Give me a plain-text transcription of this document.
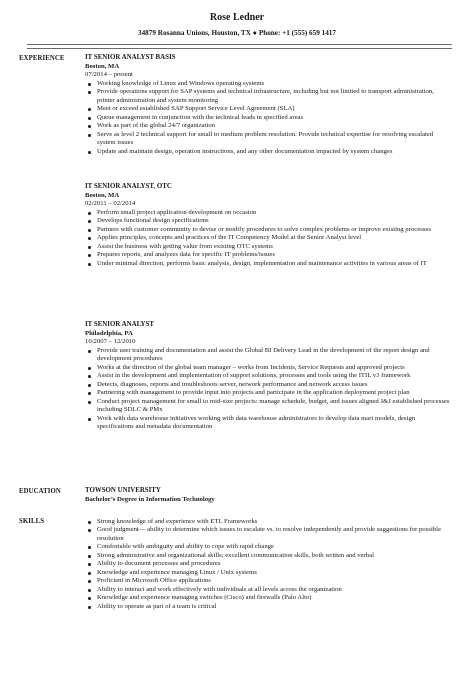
Rose Ledner
34879 Rosanna Unions, Houston, TX ● Phone: +1 (555) 659 1417
EXPERIENCE	IT SENIOR ANALYST BASIS
Boston, MA
07/2014 – present
Working knowledge of Linux and Windows operating systems
Provide operations support for SAP systems and technical infrastructure, including but not limited to transport administration, printer administration and system monitoring
Meet or exceed established SAP Support Service Level Agreement (SLA)
Queue management in conjunction with the technical leads in specified areas
Work as part of the global 24/7 organization
Serve as level 2 technical support for small to medium problem resolution. Provide technical expertise for resolving escalated system issues
Update and maintain design, operation instructions, and any other documentation impacted by system changes
IT SENIOR ANALYST, OTC
Boston, MA
02/2011 – 02/2014
Perform small project application development on occasion
Develops functional design specifications
Partners with customer community to devise or modify procedures to solve complex problems or improve existing processes
Applies principles, concepts and practices of the IT Competency Model at the Senior Analyst level
Assist the business with getting value from existing OTC systems
Prepares reports, and analyzes data for specific IT problems/issues
Under minimal direction, performs basic analysis, design, implementation and maintenance activities in various areas of IT
IT SENIOR ANALYST
Philadelphia, PA
10/2007 – 12/2010
Provide user training and documentation and assist the Global BI Delivery Lead in the development of the report design and development procedures
Works at the direction of the global team manager – works from Incidents, Service Requests and approved projects
Assist in the development and implementation of support solutions, processes and tools using the ITIL v3 framework
Detects, diagnoses, reports and troubleshoots server, network performance and network access issues
Partnering with management to provide input into projects and participate in the application deployment project plan
Conduct project management for small to mid-size projects: manage schedule, budget, and issues aligned J&J established processes including SDLC & PMx
Work with data warehouse initiatives working with data warehouse administrators to develop data mart models, design specifications and metadata documentation
EDUCATION	TOWSON UNIVERSITY
Bachelor’s Degree in Information Technology
SKILLS	Strong knowledge of and experience with ETL Frameworks
Good judgment— ability to determine which issues to escalate vs. to resolve independently and provide suggestions for possible resolution
Comfortable with ambiguity and ability to cope with rapid change
Strong administrative and organizational skills; excellent communication skills, both written and verbal
Ability to document processes and procedures
Knowledge and experience managing Linux / Unix systems
Proficient in Microsoft Office applications
Ability to interact and work effectively with individuals at all levels across the organization
Knowledge and experience managing switches (Cisco) and firewalls (Palo Alto)
Ability to operate as part of a team is critical
